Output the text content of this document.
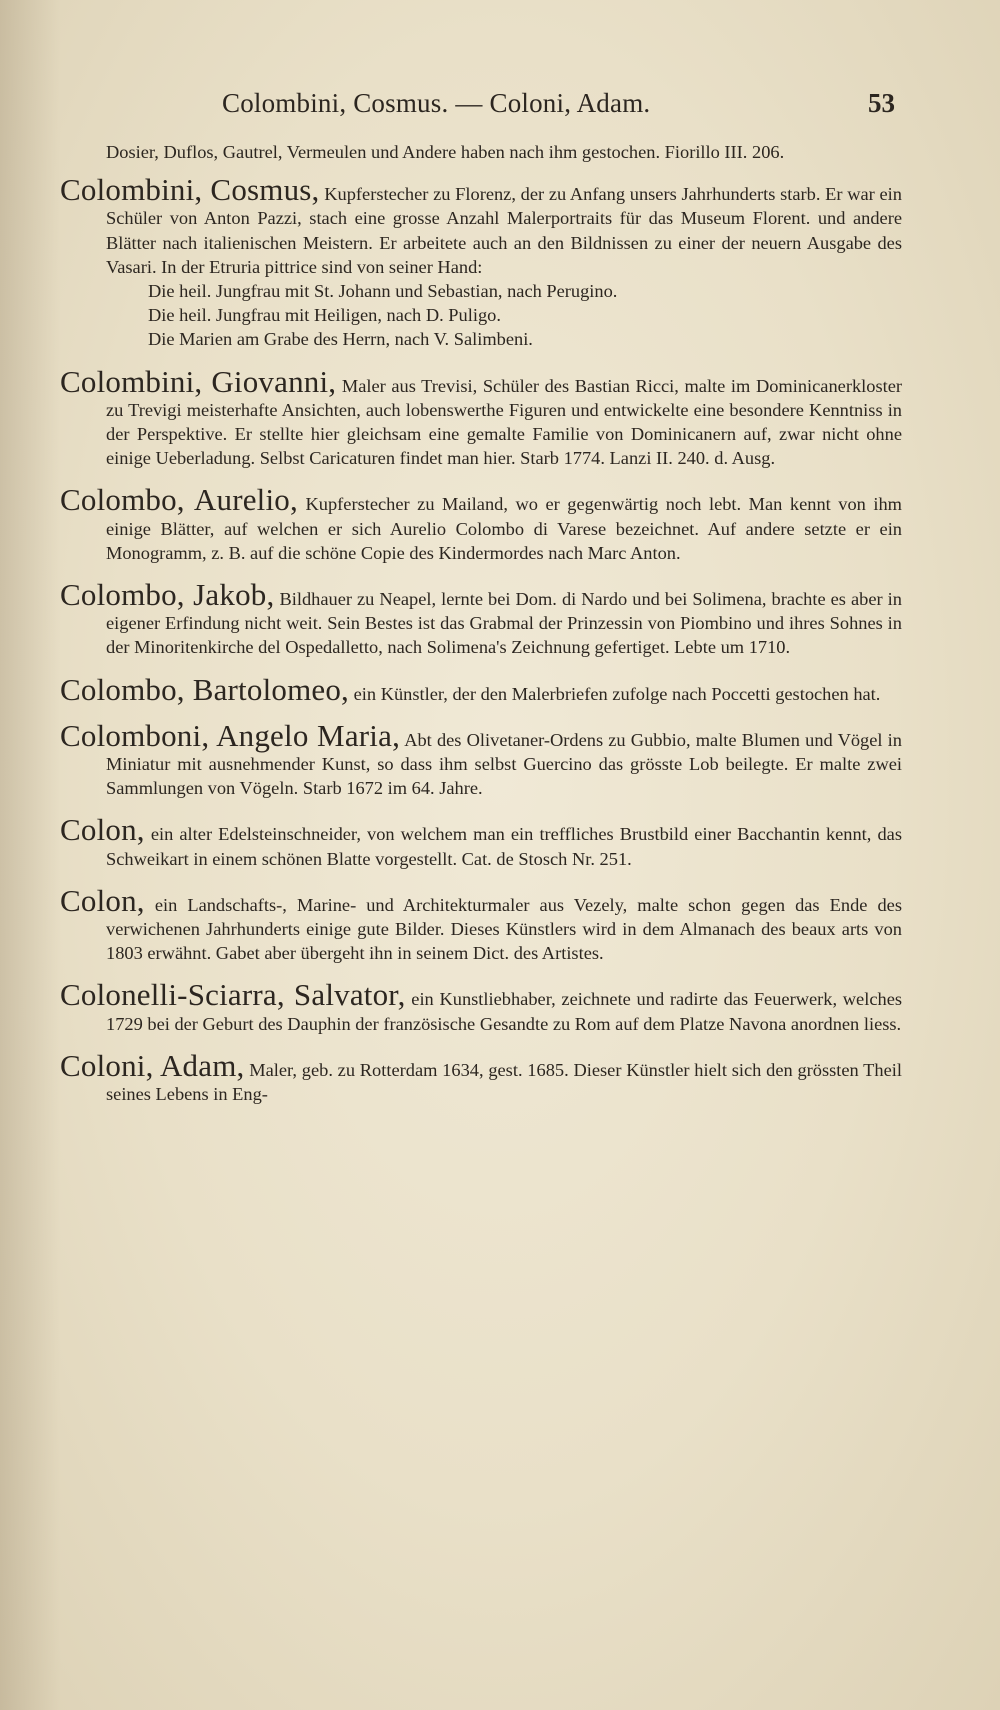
Colombini, Cosmus. — Coloni, Adam.	53

Dosier, Duflos, Gautrel, Vermeulen und Andere haben nach ihm gestochen. Fiorillo III. 206.

Colombini, Cosmus, Kupferstecher zu Florenz, der zu Anfang unsers Jahrhunderts starb. Er war ein Schüler von Anton Pazzi, stach eine grosse Anzahl Malerportraits für das Museum Florent. und andere Blätter nach italienischen Meistern. Er arbeitete auch an den Bildnissen zu einer der neuern Ausgabe des Vasari. In der Etruria pittrice sind von seiner Hand:
Die heil. Jungfrau mit St. Johann und Sebastian, nach Perugino.
Die heil. Jungfrau mit Heiligen, nach D. Puligo.
Die Marien am Grabe des Herrn, nach V. Salimbeni.

Colombini, Giovanni, Maler aus Trevisi, Schüler des Bastian Ricci, malte im Dominicanerkloster zu Trevigi meisterhafte Ansichten, auch lobenswerthe Figuren und entwickelte eine besondere Kenntniss in der Perspektive. Er stellte hier gleichsam eine gemalte Familie von Dominicanern auf, zwar nicht ohne einige Ueberladung. Selbst Caricaturen findet man hier. Starb 1774. Lanzi II. 240. d. Ausg.

Colombo, Aurelio, Kupferstecher zu Mailand, wo er gegenwärtig noch lebt. Man kennt von ihm einige Blätter, auf welchen er sich Aurelio Colombo di Varese bezeichnet. Auf andere setzte er ein Monogramm, z. B. auf die schöne Copie des Kindermordes nach Marc Anton.

Colombo, Jakob, Bildhauer zu Neapel, lernte bei Dom. di Nardo und bei Solimena, brachte es aber in eigener Erfindung nicht weit. Sein Bestes ist das Grabmal der Prinzessin von Piombino und ihres Sohnes in der Minoritenkirche del Ospedalletto, nach Solimena's Zeichnung gefertiget. Lebte um 1710.

Colombo, Bartolomeo, ein Künstler, der den Malerbriefen zufolge nach Poccetti gestochen hat.

Colomboni, Angelo Maria, Abt des Olivetaner-Ordens zu Gubbio, malte Blumen und Vögel in Miniatur mit ausnehmender Kunst, so dass ihm selbst Guercino das grösste Lob beilegte. Er malte zwei Sammlungen von Vögeln. Starb 1672 im 64. Jahre.

Colon, ein alter Edelsteinschneider, von welchem man ein treffliches Brustbild einer Bacchantin kennt, das Schweikart in einem schönen Blatte vorgestellt. Cat. de Stosch Nr. 251.

Colon, ein Landschafts-, Marine- und Architekturmaler aus Vezely, malte schon gegen das Ende des verwichenen Jahrhunderts einige gute Bilder. Dieses Künstlers wird in dem Almanach des beaux arts von 1803 erwähnt. Gabet aber übergeht ihn in seinem Dict. des Artistes.

Colonelli-Sciarra, Salvator, ein Kunstliebhaber, zeichnete und radirte das Feuerwerk, welches 1729 bei der Geburt des Dauphin der französische Gesandte zu Rom auf dem Platze Navona anordnen liess.

Coloni, Adam, Maler, geb. zu Rotterdam 1634, gest. 1685. Dieser Künstler hielt sich den grössten Theil seines Lebens in Eng-
